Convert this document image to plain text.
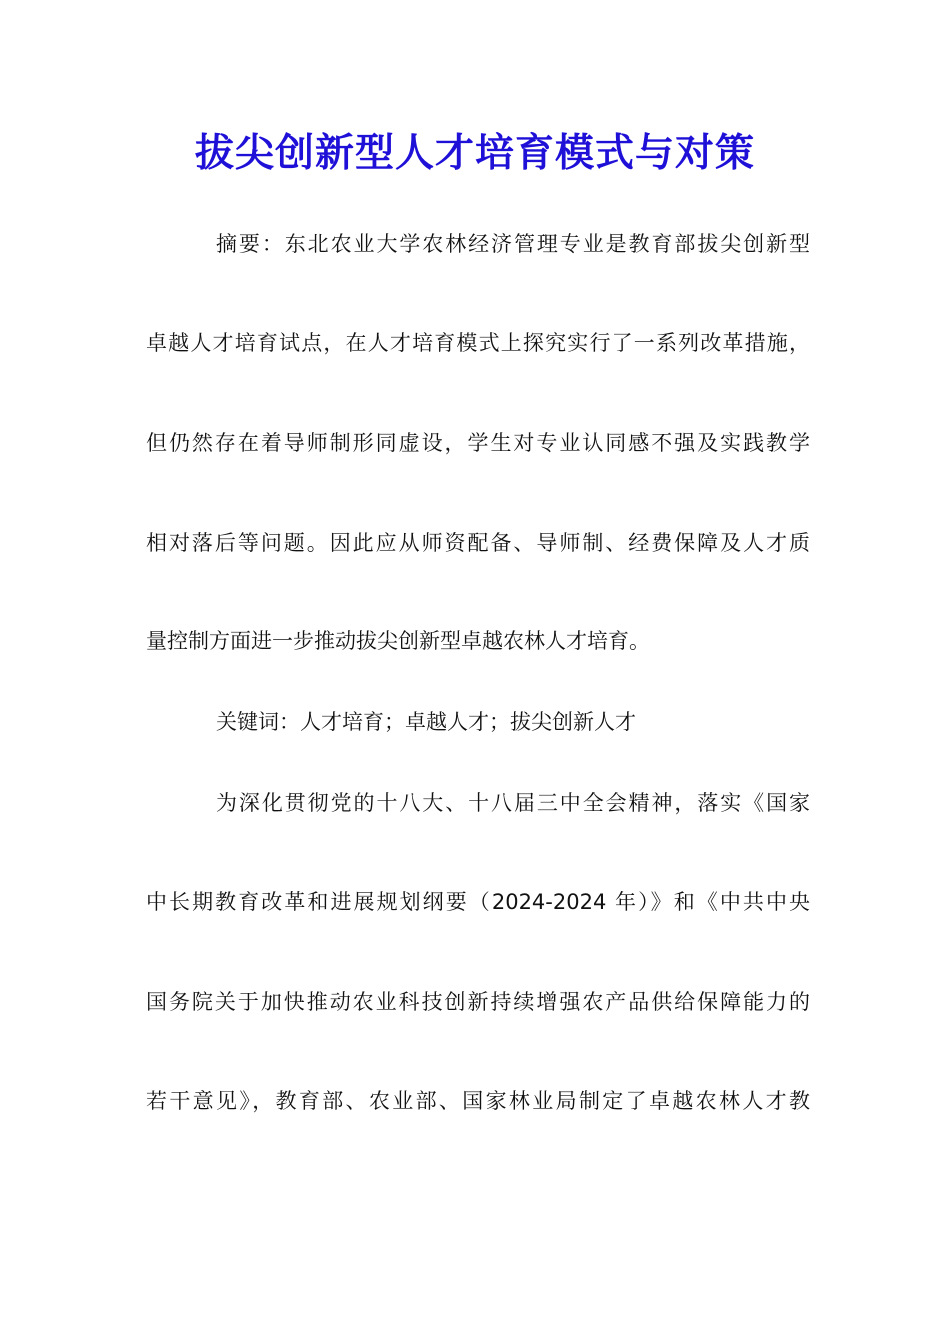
拔尖创新型人才培育模式与对策
摘要：东北农业大学农林经济管理专业是教育部拔尖创新型
卓越人才培育试点，在人才培育模式上探究实行了一系列改革措施，
但仍然存在着导师制形同虚设，学生对专业认同感不强及实践教学
相对落后等问题。因此应从师资配备、导师制、经费保障及人才质
量控制方面进一步推动拔尖创新型卓越农林人才培育。
关键词：人才培育；卓越人才；拔尖创新人才
为深化贯彻党的十八大、十八届三中全会精神，落实《国家
中长期教育改革和进展规划纲要（2024-2024 年）》和《中共中央
国务院关于加快推动农业科技创新持续增强农产品供给保障能力的
若干意见》，教育部、农业部、国家林业局制定了卓越农林人才教
